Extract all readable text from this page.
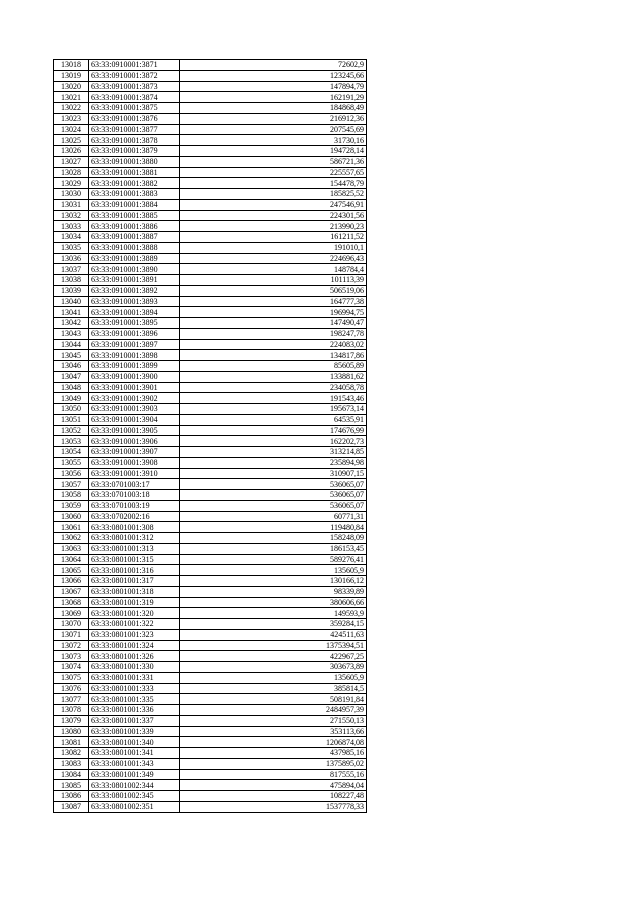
13018	63:33:0910001:3871	72602,9
13019	63:33:0910001:3872	123245,66
13020	63:33:0910001:3873	147894,79
13021	63:33:0910001:3874	162191,29
13022	63:33:0910001:3875	184868,49
13023	63:33:0910001:3876	216912,36
13024	63:33:0910001:3877	207545,69
13025	63:33:0910001:3878	31730,16
13026	63:33:0910001:3879	194728,14
13027	63:33:0910001:3880	586721,36
13028	63:33:0910001:3881	225557,65
13029	63:33:0910001:3882	154478,79
13030	63:33:0910001:3883	185825,52
13031	63:33:0910001:3884	247546,91
13032	63:33:0910001:3885	224301,56
13033	63:33:0910001:3886	213990,23
13034	63:33:0910001:3887	161211,52
13035	63:33:0910001:3888	191010,1
13036	63:33:0910001:3889	224696,43
13037	63:33:0910001:3890	148784,4
13038	63:33:0910001:3891	101113,39
13039	63:33:0910001:3892	506519,06
13040	63:33:0910001:3893	164777,38
13041	63:33:0910001:3894	196994,75
13042	63:33:0910001:3895	147490,47
13043	63:33:0910001:3896	198247,78
13044	63:33:0910001:3897	224083,02
13045	63:33:0910001:3898	134817,86
13046	63:33:0910001:3899	85605,89
13047	63:33:0910001:3900	133881,62
13048	63:33:0910001:3901	234058,78
13049	63:33:0910001:3902	191543,46
13050	63:33:0910001:3903	195673,14
13051	63:33:0910001:3904	64535,91
13052	63:33:0910001:3905	174676,99
13053	63:33:0910001:3906	162202,73
13054	63:33:0910001:3907	313214,85
13055	63:33:0910001:3908	235894,98
13056	63:33:0910001:3910	310907,15
13057	63:33:0701003:17	536065,07
13058	63:33:0701003:18	536065,07
13059	63:33:0701003:19	536065,07
13060	63:33:0702002:16	60771,31
13061	63:33:0801001:308	119480,84
13062	63:33:0801001:312	158248,09
13063	63:33:0801001:313	186153,45
13064	63:33:0801001:315	589276,41
13065	63:33:0801001:316	135605,9
13066	63:33:0801001:317	130166,12
13067	63:33:0801001:318	98339,89
13068	63:33:0801001:319	380606,66
13069	63:33:0801001:320	149593,9
13070	63:33:0801001:322	359284,15
13071	63:33:0801001:323	424511,63
13072	63:33:0801001:324	1375394,51
13073	63:33:0801001:326	422967,25
13074	63:33:0801001:330	303673,89
13075	63:33:0801001:331	135605,9
13076	63:33:0801001:333	385814,5
13077	63:33:0801001:335	508191,84
13078	63:33:0801001:336	2484957,39
13079	63:33:0801001:337	271550,13
13080	63:33:0801001:339	353113,66
13081	63:33:0801001:340	1206874,08
13082	63:33:0801001:341	437985,16
13083	63:33:0801001:343	1375895,02
13084	63:33:0801001:349	817555,16
13085	63:33:0801002:344	475894,04
13086	63:33:0801002:345	108227,48
13087	63:33:0801002:351	1537778,33
